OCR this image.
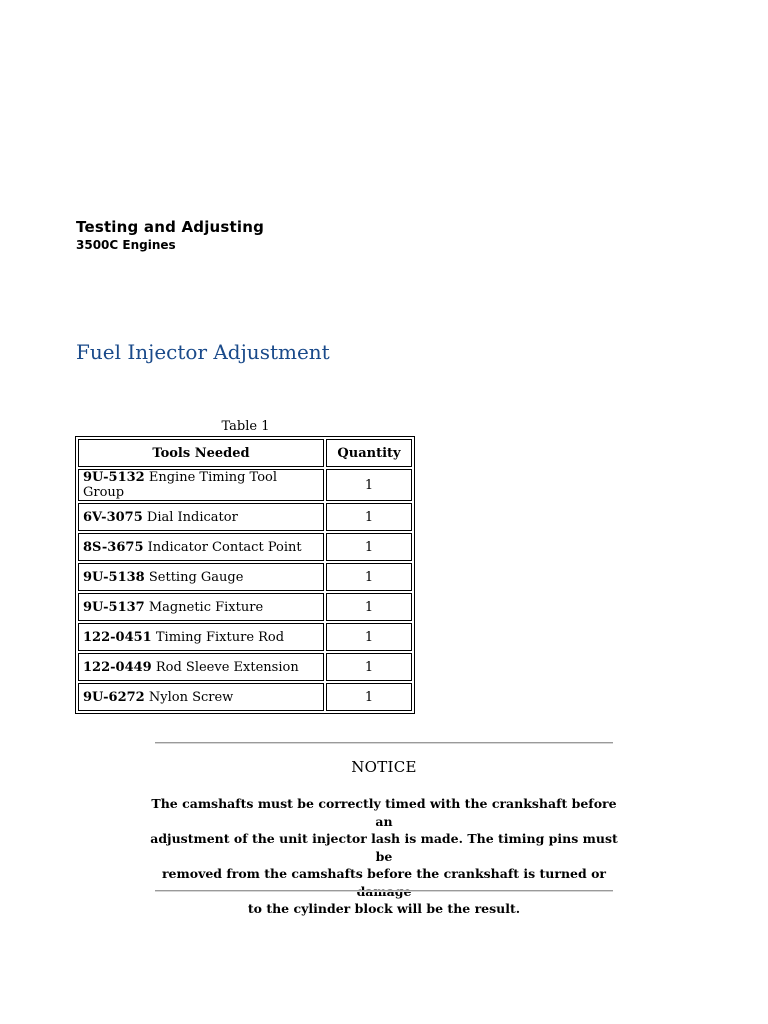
Testing and Adjusting
3500C Engines
Fuel Injector Adjustment
Table 1
Tools Needed	Quantity
9U-5132 Engine Timing Tool Group	1
6V-3075 Dial Indicator	1
8S-3675 Indicator Contact Point	1
9U-5138 Setting Gauge	1
9U-5137 Magnetic Fixture	1
122-0451 Timing Fixture Rod	1
122-0449 Rod Sleeve Extension	1
9U-6272 Nylon Screw	1
NOTICE
The camshafts must be correctly timed with the crankshaft before an
adjustment of the unit injector lash is made. The timing pins must be
removed from the camshafts before the crankshaft is turned or damage
to the cylinder block will be the result.
